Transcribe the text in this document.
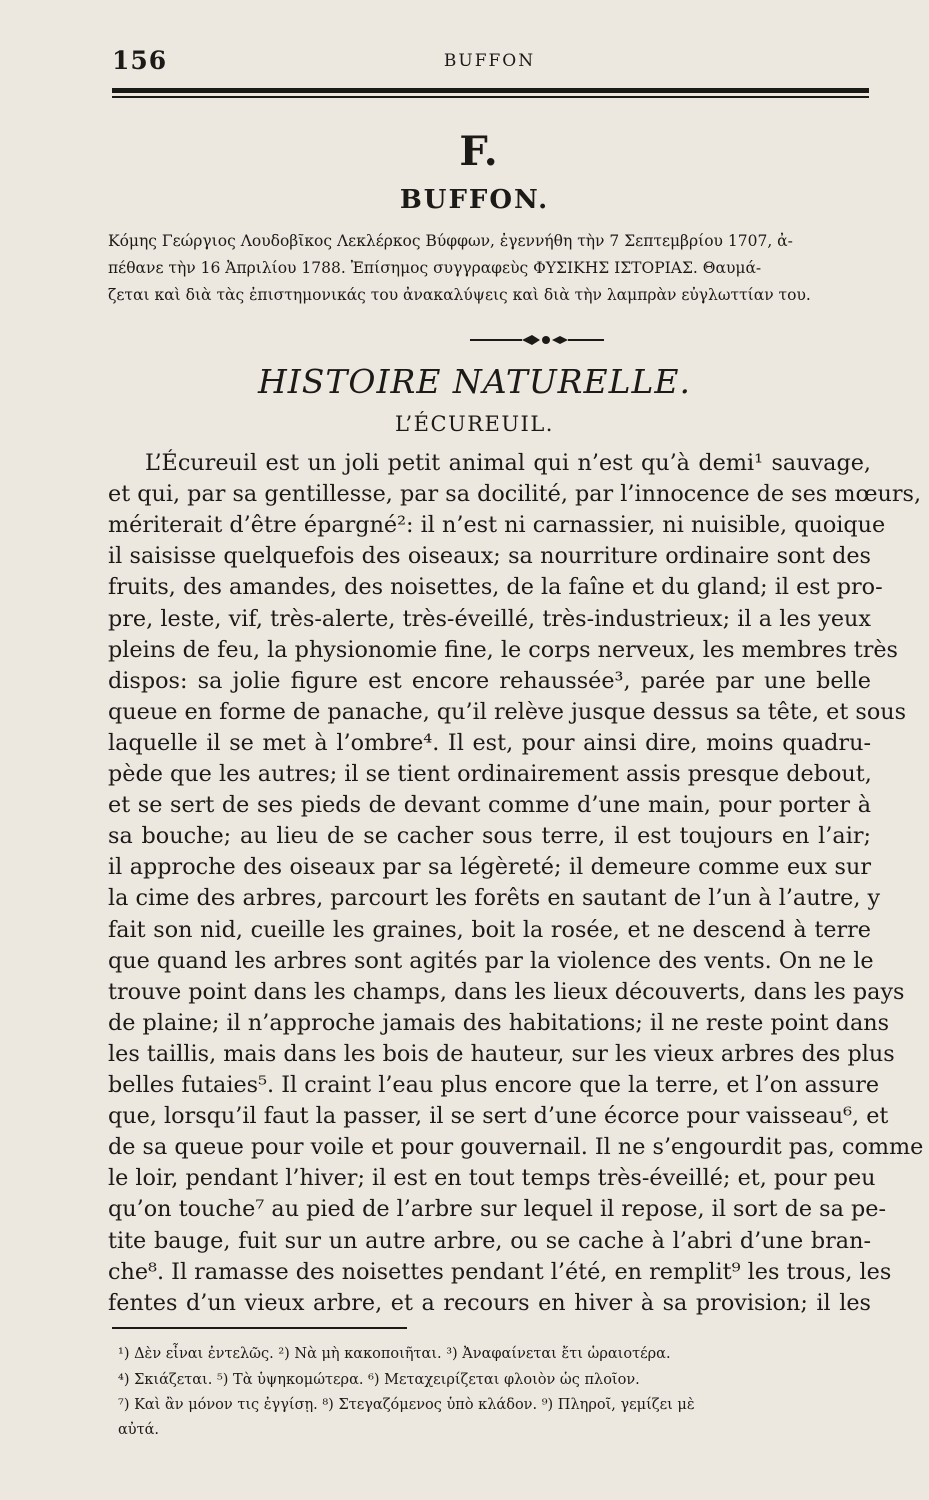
156	BUFFON
F.
BUFFON.
Κόμης Γεώργιος Λουδοβῖκος Λεκλέρκος Βύφφων, ἐγεννήθη τὴν 7 Σεπτεμβρίου 1707, ἀ-
πέθανε τὴν 16 Ἀπριλίου 1788. Ἐπίσημος συγγραφεὺς ΦΥΣΙΚΗΣ ΙΣΤΟΡΙΑΣ. Θαυμά-
ζεται καὶ διὰ τὰς ἐπιστημονικάς του ἀνακαλύψεις καὶ διὰ τὴν λαμπρὰν εὐγλωττίαν του.
HISTOIRE NATURELLE.
L’ÉCUREUIL.
L’Écureuil est un joli petit animal qui n’est qu’à demi¹ sauvage,
et qui, par sa gentillesse, par sa docilité, par l’innocence de ses mœurs,
mériterait d’être épargné²: il n’est ni carnassier, ni nuisible, quoique
il saisisse quelquefois des oiseaux; sa nourriture ordinaire sont des
fruits, des amandes, des noisettes, de la faîne et du gland; il est pro-
pre, leste, vif, très-alerte, très-éveillé, très-industrieux; il a les yeux
pleins de feu, la physionomie fine, le corps nerveux, les membres très
dispos: sa jolie figure est encore rehaussée³, parée par une belle
queue en forme de panache, qu’il relève jusque dessus sa tête, et sous
laquelle il se met à l’ombre⁴. Il est, pour ainsi dire, moins quadru-
pède que les autres; il se tient ordinairement assis presque debout,
et se sert de ses pieds de devant comme d’une main, pour porter à
sa bouche; au lieu de se cacher sous terre, il est toujours en l’air;
il approche des oiseaux par sa légèreté; il demeure comme eux sur
la cime des arbres, parcourt les forêts en sautant de l’un à l’autre, y
fait son nid, cueille les graines, boit la rosée, et ne descend à terre
que quand les arbres sont agités par la violence des vents. On ne le
trouve point dans les champs, dans les lieux découverts, dans les pays
de plaine; il n’approche jamais des habitations; il ne reste point dans
les taillis, mais dans les bois de hauteur, sur les vieux arbres des plus
belles futaies⁵. Il craint l’eau plus encore que la terre, et l’on assure
que, lorsqu’il faut la passer, il se sert d’une écorce pour vaisseau⁶, et
de sa queue pour voile et pour gouvernail. Il ne s’engourdit pas, comme
le loir, pendant l’hiver; il est en tout temps très-éveillé; et, pour peu
qu’on touche⁷ au pied de l’arbre sur lequel il repose, il sort de sa pe-
tite bauge, fuit sur un autre arbre, ou se cache à l’abri d’une bran-
che⁸. Il ramasse des noisettes pendant l’été, en remplit⁹ les trous, les
fentes d’un vieux arbre, et a recours en hiver à sa provision; il les
¹) Δὲν εἶναι ἐντελῶς. ²) Νὰ μὴ κακοποιῆται. ³) Ἀναφαίνεται ἔτι ὡραιοτέρα.
⁴) Σκιάζεται. ⁵) Τὰ ὑψηκομώτερα. ⁶) Μεταχειρίζεται φλοιὸν ὡς πλοῖον.
⁷) Καὶ ἂν μόνον τις ἐγγίσῃ. ⁸) Στεγαζόμενος ὑπὸ κλάδον. ⁹) Πληροῖ, γεμίζει μὲ
αὐτά.
